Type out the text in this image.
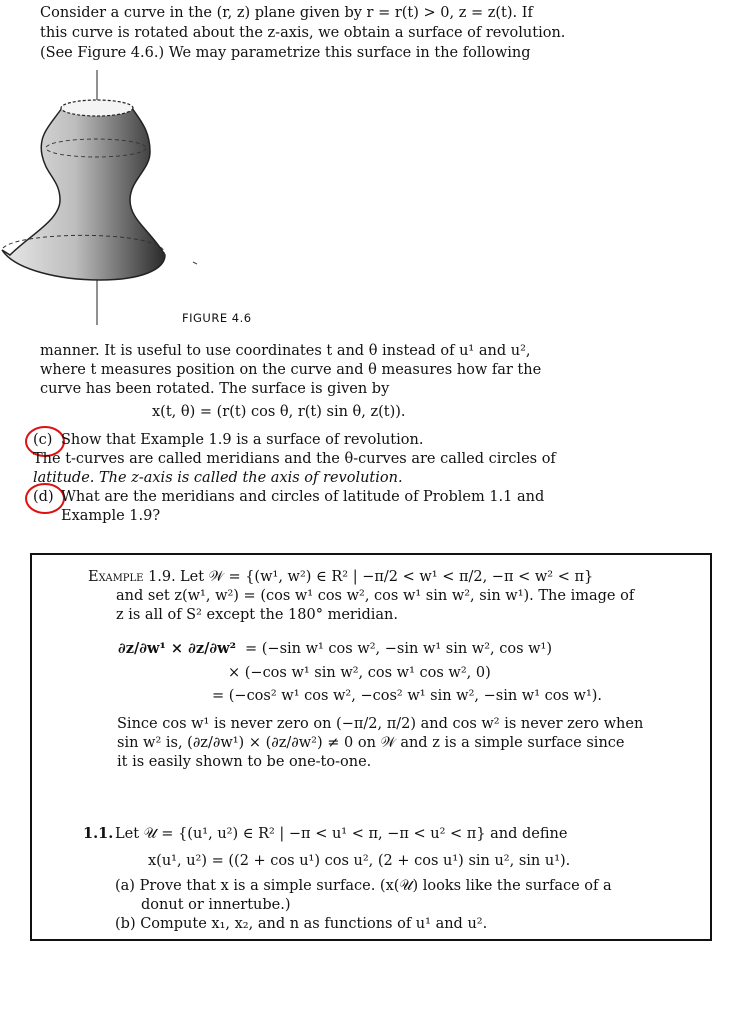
Consider a curve in the (r, z) plane given by r = r(t) > 0, z = z(t). If
this curve is rotated about the z-axis, we obtain a surface of revolution.
(See Figure 4.6.) We may parametrize this surface in the following
FIGURE 4.6
manner. It is useful to use coordinates t and θ instead of u¹ and u²,
where t measures position on the curve and θ measures how far the
curve has been rotated. The surface is given by
x(t, θ) = (r(t) cos θ, r(t) sin θ, z(t)).
(c) Show that Example 1.9 is a surface of revolution.
The t-curves are called meridians and the θ-curves are called circles of
latitude. The z-axis is called the axis of revolution.
(d) What are the meridians and circles of latitude of Problem 1.1 and
Example 1.9?
Example 1.9. Let 𝒲 = {(w¹, w²) ∈ R² | −π/2 < w¹ < π/2, −π < w² < π}
and set z(w¹, w²) = (cos w¹ cos w², cos w¹ sin w², sin w¹). The image of
z is all of S² except the 180° meridian.
∂z/∂w¹ × ∂z/∂w² = (−sin w¹ cos w², −sin w¹ sin w², cos w¹)
× (−cos w¹ sin w², cos w¹ cos w², 0)
= (−cos² w¹ cos w², −cos² w¹ sin w², −sin w¹ cos w¹).
Since cos w¹ is never zero on (−π/2, π/2) and cos w² is never zero when
sin w² is, (∂z/∂w¹) × (∂z/∂w²) ≠ 0 on 𝒲 and z is a simple surface since
it is easily shown to be one-to-one.
1.1. Let 𝒰 = {(u¹, u²) ∈ R² | −π < u¹ < π, −π < u² < π} and define
x(u¹, u²) = ((2 + cos u¹) cos u², (2 + cos u¹) sin u², sin u¹).
(a) Prove that x is a simple surface. (x(𝒰) looks like the surface of a
donut or innertube.)
(b) Compute x₁, x₂, and n as functions of u¹ and u².
